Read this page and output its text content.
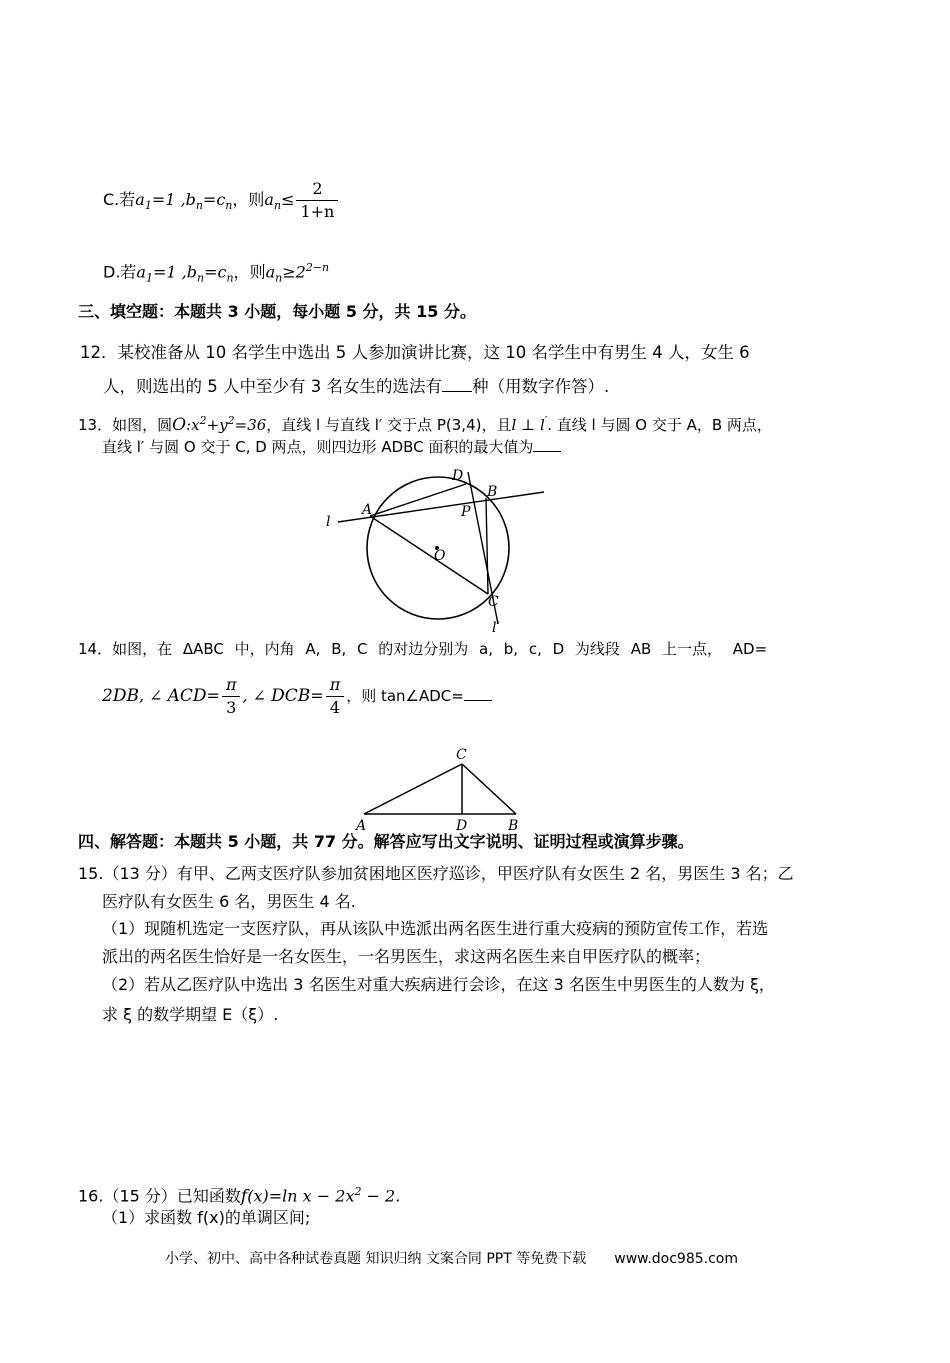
C.若$a_1=1$ $,b_n=c_n$，则$a_n\le \frac{2}{1+n}$
D.若$a_1=1$ $,b_n=c_n$，则$a_n\ge 2^{2-n}$
三、填空题：本题共 3 小题，每小题 5 分，共 15 分。
12．某校准备从 10 名学生中选出 5 人参加演讲比赛，这 10 名学生中有男生 4 人，女生 6
人，则选出的 5 人中至少有 3 名女生的选法有 种（用数字作答）.
13．如图，圆$O:x^2+y^2=36$，直线 l 与直线 l′ 交于点 P(3,4)，且l ⊥ l′. 直线 l 与圆 O 交于 A，B 两点，
直线 l′ 与圆 O 交于 C, D 两点，则四边形 ADBC 面积的最大值为
l
A
D
B
P
O
C
l′
14．如图，在 ΔABC 中，内角 A, B, C 的对边分别为 a, b, c, D 为线段 AB 上一点， AD=
2DB, ∠ $ACD= \frac{\pi}{3}$ , ∠ $DCB= \frac{\pi}{4}$ ，则 tan∠ADC=
C
A	D	B
四、解答题：本题共 5 小题，共 77 分。解答应写出文字说明、证明过程或演算步骤。
15.（13 分）有甲、乙两支医疗队参加贫困地区医疗巡诊，甲医疗队有女医生 2 名，男医生 3 名；乙
医疗队有女医生 6 名，男医生 4 名.
（1）现随机选定一支医疗队，再从该队中选派出两名医生进行重大疫病的预防宣传工作，若选
派出的两名医生恰好是一名女医生，一名男医生，求这两名医生来自甲医疗队的概率；
（2）若从乙医疗队中选出 3 名医生对重大疾病进行会诊，在这 3 名医生中男医生的人数为 ξ，
求 ξ 的数学期望 E（ξ）.
16.（15 分）已知函数f(x)=ln $x - 2x^2 - 2$.
（1）求函数 f(x)的单调区间;
小学、初中、高中各种试卷真题 知识归纳 文案合同 PPT 等免费下载 www.doc985.com
